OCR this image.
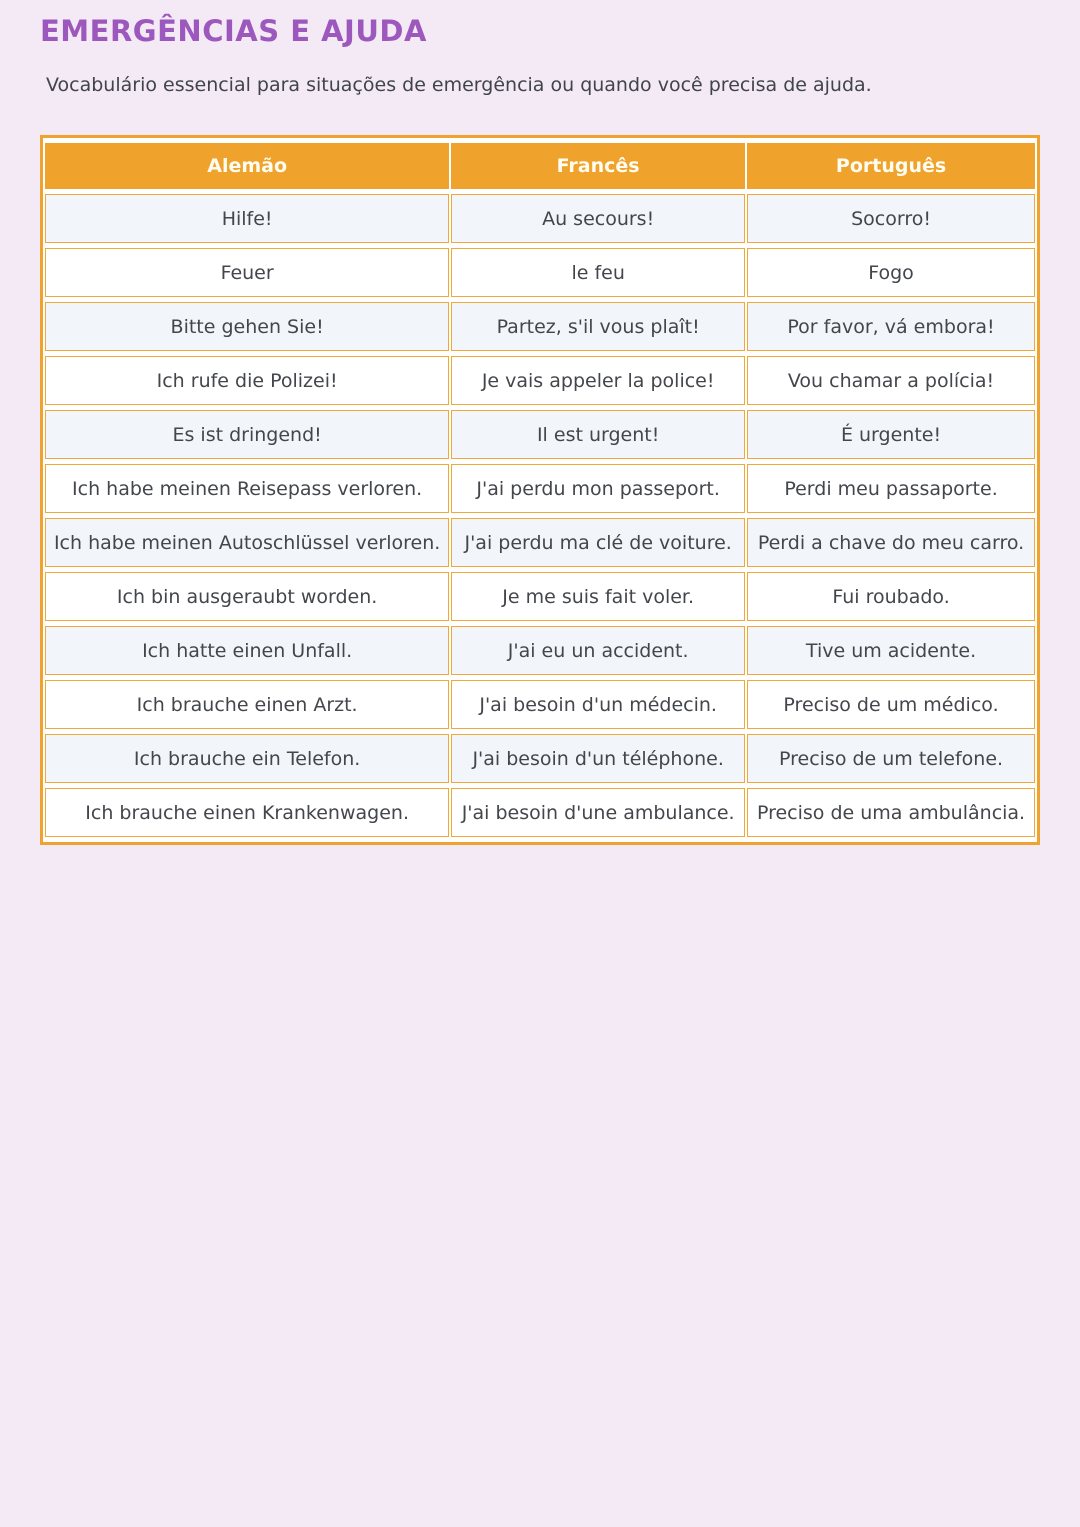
EMERGÊNCIAS E AJUDA

Vocabulário essencial para situações de emergência ou quando você precisa de ajuda.

Alemão	Francês	Português
Hilfe!	Au secours!	Socorro!
Feuer	le feu	Fogo
Bitte gehen Sie!	Partez, s'il vous plaît!	Por favor, vá embora!
Ich rufe die Polizei!	Je vais appeler la police!	Vou chamar a polícia!
Es ist dringend!	Il est urgent!	É urgente!
Ich habe meinen Reisepass verloren.	J'ai perdu mon passeport.	Perdi meu passaporte.
Ich habe meinen Autoschlüssel verloren.	J'ai perdu ma clé de voiture.	Perdi a chave do meu carro.
Ich bin ausgeraubt worden.	Je me suis fait voler.	Fui roubado.
Ich hatte einen Unfall.	J'ai eu un accident.	Tive um acidente.
Ich brauche einen Arzt.	J'ai besoin d'un médecin.	Preciso de um médico.
Ich brauche ein Telefon.	J'ai besoin d'un téléphone.	Preciso de um telefone.
Ich brauche einen Krankenwagen.	J'ai besoin d'une ambulance.	Preciso de uma ambulância.
